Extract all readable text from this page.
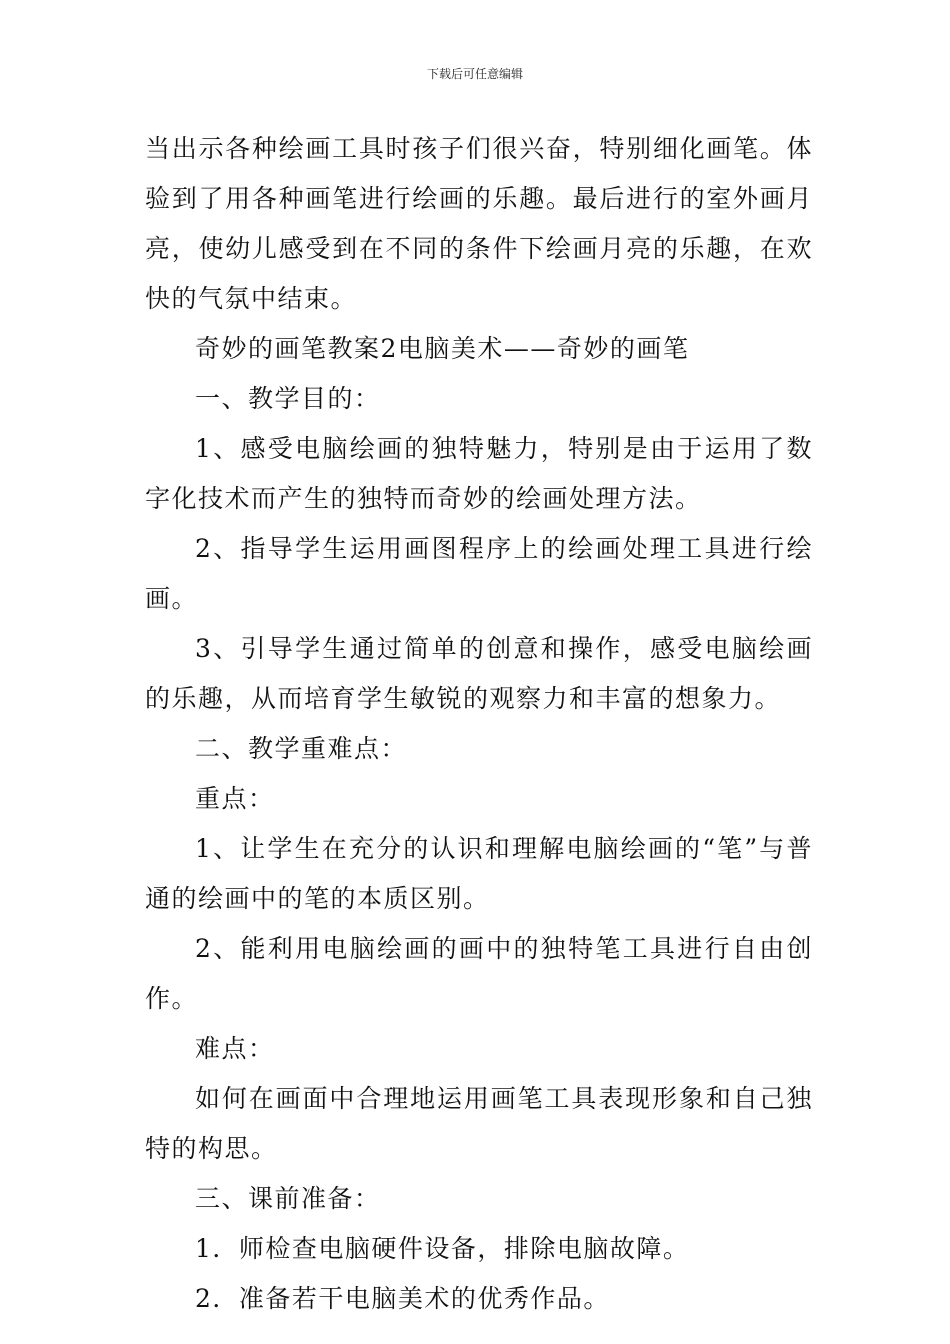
下载后可任意编辑

当出示各种绘画工具时孩子们很兴奋，特别细化画笔。体验到了用各种画笔进行绘画的乐趣。最后进行的室外画月亮，使幼儿感受到在不同的条件下绘画月亮的乐趣，在欢快的气氛中结束。

奇妙的画笔教案2电脑美术——奇妙的画笔

一、教学目的：

1、感受电脑绘画的独特魅力，特别是由于运用了数字化技术而产生的独特而奇妙的绘画处理方法。

2、指导学生运用画图程序上的绘画处理工具进行绘画。

3、引导学生通过简单的创意和操作，感受电脑绘画的乐趣，从而培育学生敏锐的观察力和丰富的想象力。

二、教学重难点：

重点：

1、让学生在充分的认识和理解电脑绘画的“笔”与普通的绘画中的笔的本质区别。

2、能利用电脑绘画的画中的独特笔工具进行自由创作。

难点：

如何在画面中合理地运用画笔工具表现形象和自己独特的构思。

三、课前准备：

1．师检查电脑硬件设备，排除电脑故障。

2．准备若干电脑美术的优秀作品。
